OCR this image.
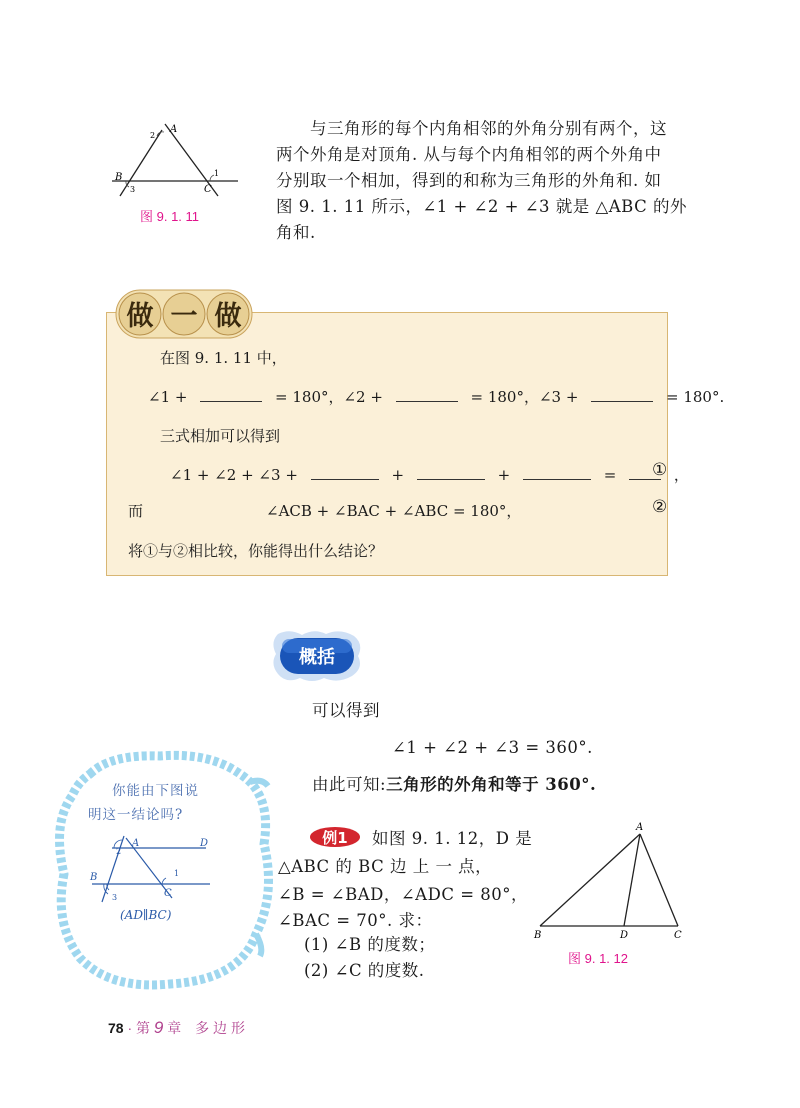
A
2
B
3	C
1
图 9. 1. 11
与三角形的每个内角相邻的外角分别有两个，这
两个外角是对顶角. 从与每个内角相邻的两个外角中
分别取一个相加，得到的和称为三角形的外角和. 如
图 9. 1. 11 所示，∠1 + ∠2 + ∠3 就是 △ABC 的外
角和.
做 一 做
在图 9. 1. 11 中，
∠1 +	= 180°，∠2 +	= 180°，∠3 +	= 180°.
三式相加可以得到
∠1 + ∠2 + ∠3 +	+	+	=	，
①
而	∠ACB + ∠BAC + ∠ABC = 180°，	②
将①与②相比较，你能得出什么结论？
概括
可以得到
∠1 + ∠2 + ∠3 = 360°.
由此可知:三角形的外角和等于 360°.
你能由下图说
明这一结论吗?
A	D
B
C
2
1
3
(AD∥BC)
例1	如图 9. 1. 12，D 是
△ABC 的 BC 边 上 一 点，
∠B = ∠BAD，∠ADC = 80°，
∠BAC = 70°. 求：
(1) ∠B 的度数；
(2) ∠C 的度数.
A
B	D	C
图 9. 1. 12
78 · 第 9 章 多 边 形
